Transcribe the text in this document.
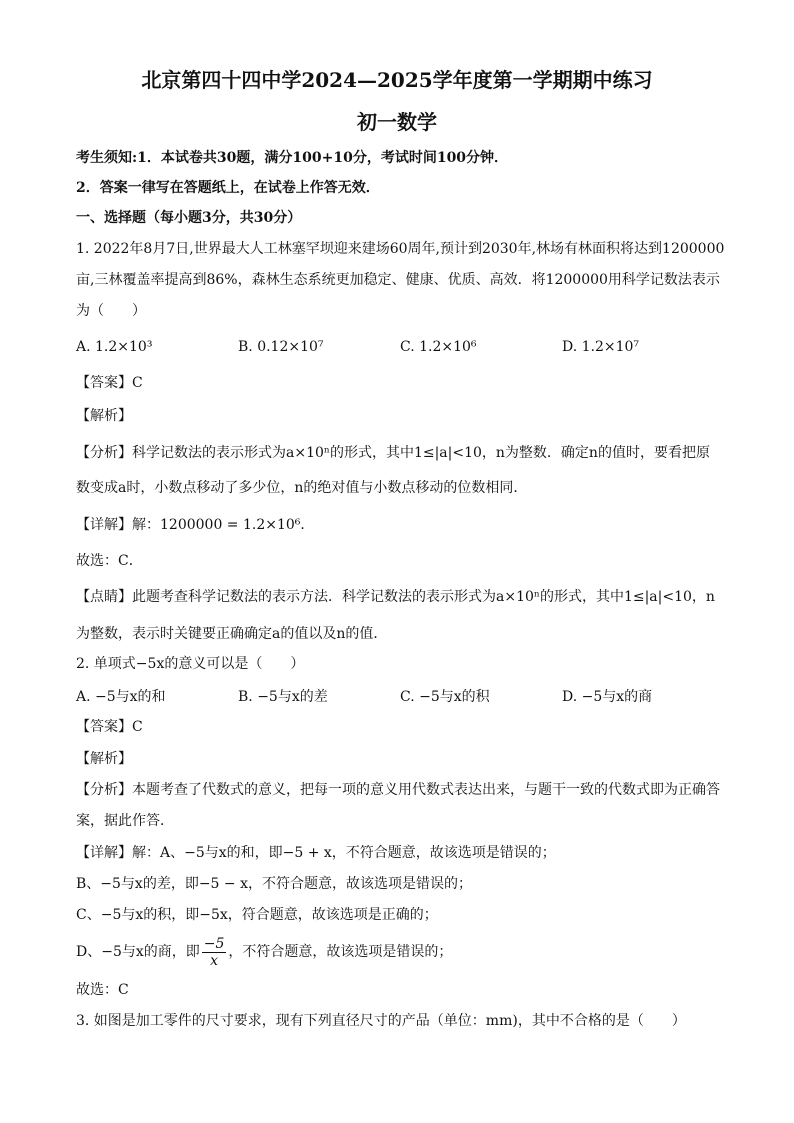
北京第四十四中学2024—2025学年度第一学期期中练习
初一数学
考生须知:1．本试卷共30题，满分100+10分，考试时间100分钟．
2．答案一律写在答题纸上，在试卷上作答无效．
一、选择题（每小题3分，共30分）
1. 2022年8月7日,世界最大人工林塞罕坝迎来建场60周年,预计到2030年,林场有林面积将达到1200000
亩,三林覆盖率提高到86%，森林生态系统更加稳定、健康、优质、高效．将1200000用科学记数法表示
为（　　）
A. 1.2×10³	B. 0.12×10⁷	C. 1.2×10⁶	D. 1.2×10⁷
【答案】C
【解析】
【分析】科学记数法的表示形式为a×10ⁿ的形式，其中1≤|a|<10，n为整数．确定n的值时，要看把原
数变成a时，小数点移动了多少位，n的绝对值与小数点移动的位数相同．
【详解】解：1200000 = 1.2×10⁶．
故选：C．
【点睛】此题考查科学记数法的表示方法．科学记数法的表示形式为a×10ⁿ的形式，其中1≤|a|<10，n
为整数，表示时关键要正确确定a的值以及n的值．
2. 单项式−5x的意义可以是（　　）
A. −5与x的和	B. −5与x的差	C. −5与x的积	D. −5与x的商
【答案】C
【解析】
【分析】本题考查了代数式的意义，把每一项的意义用代数式表达出来，与题干一致的代数式即为正确答
案，据此作答．
【详解】解：A、−5与x的和，即−5 + x，不符合题意，故该选项是错误的；
B、−5与x的差，即−5 − x，不符合题意，故该选项是错误的；
C、−5与x的积，即−5x，符合题意，故该选项是正确的；
D、−5与x的商，即 $\frac{-5}{x}$ ，不符合题意，故该选项是错误的；
故选：C
3. 如图是加工零件的尺寸要求，现有下列直径尺寸的产品（单位：mm)，其中不合格的是（　　）
